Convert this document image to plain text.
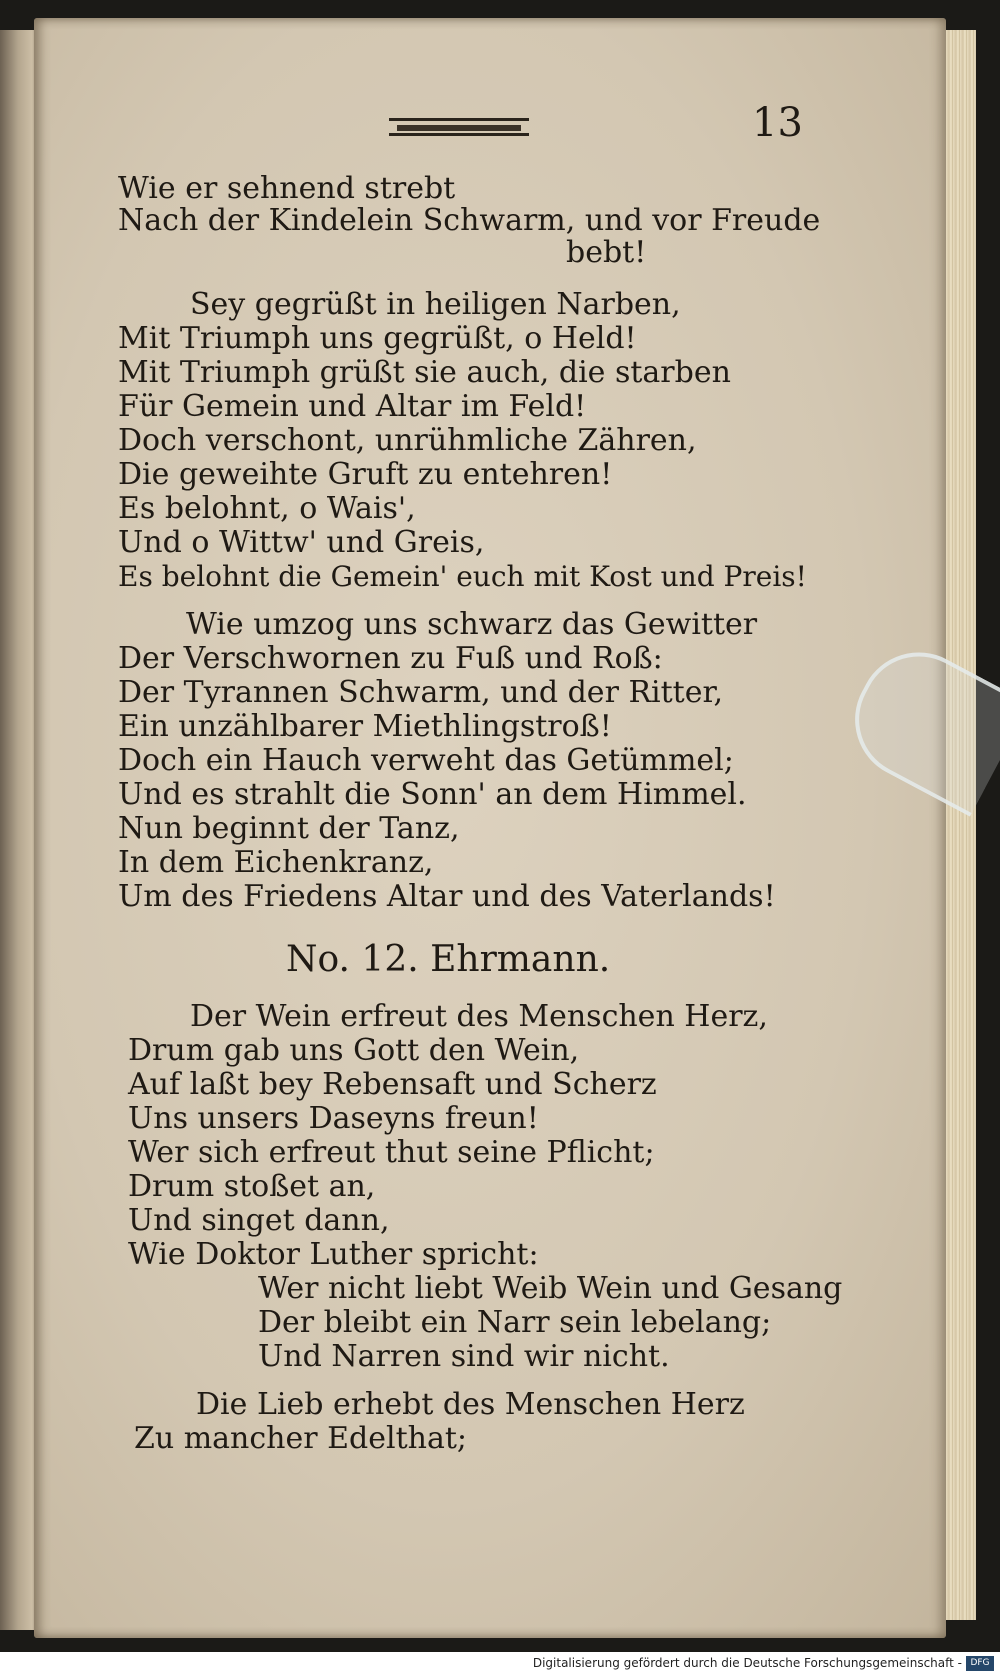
13
Wie er sehnend strebt
Nach der Kindelein Schwarm, und vor Freude
bebt!
Sey gegrüßt in heiligen Narben,
Mit Triumph uns gegrüßt, o Held!
Mit Triumph grüßt sie auch, die starben
Für Gemein und Altar im Feld!
Doch verschont, unrühmliche Zähren,
Die geweihte Gruft zu entehren!
Es belohnt, o Wais',
Und o Wittw' und Greis,
Es belohnt die Gemein' euch mit Kost und Preis!
Wie umzog uns schwarz das Gewitter
Der Verschwornen zu Fuß und Roß:
Der Tyrannen Schwarm, und der Ritter,
Ein unzählbarer Miethlingstroß!
Doch ein Hauch verweht das Getümmel;
Und es strahlt die Sonn' an dem Himmel.
Nun beginnt der Tanz,
In dem Eichenkranz,
Um des Friedens Altar und des Vaterlands!
No. 12. Ehrmann.
Der Wein erfreut des Menschen Herz,
Drum gab uns Gott den Wein,
Auf laßt bey Rebensaft und Scherz
Uns unsers Daseyns freun!
Wer sich erfreut thut seine Pflicht;
Drum stoßet an,
Und singet dann,
Wie Doktor Luther spricht:
Wer nicht liebt Weib Wein und Gesang
Der bleibt ein Narr sein lebelang;
Und Narren sind wir nicht.
Die Lieb erhebt des Menschen Herz
Zu mancher Edelthat;
Digitalisierung gefördert durch die Deutsche Forschungsgemeinschaft - DFG
